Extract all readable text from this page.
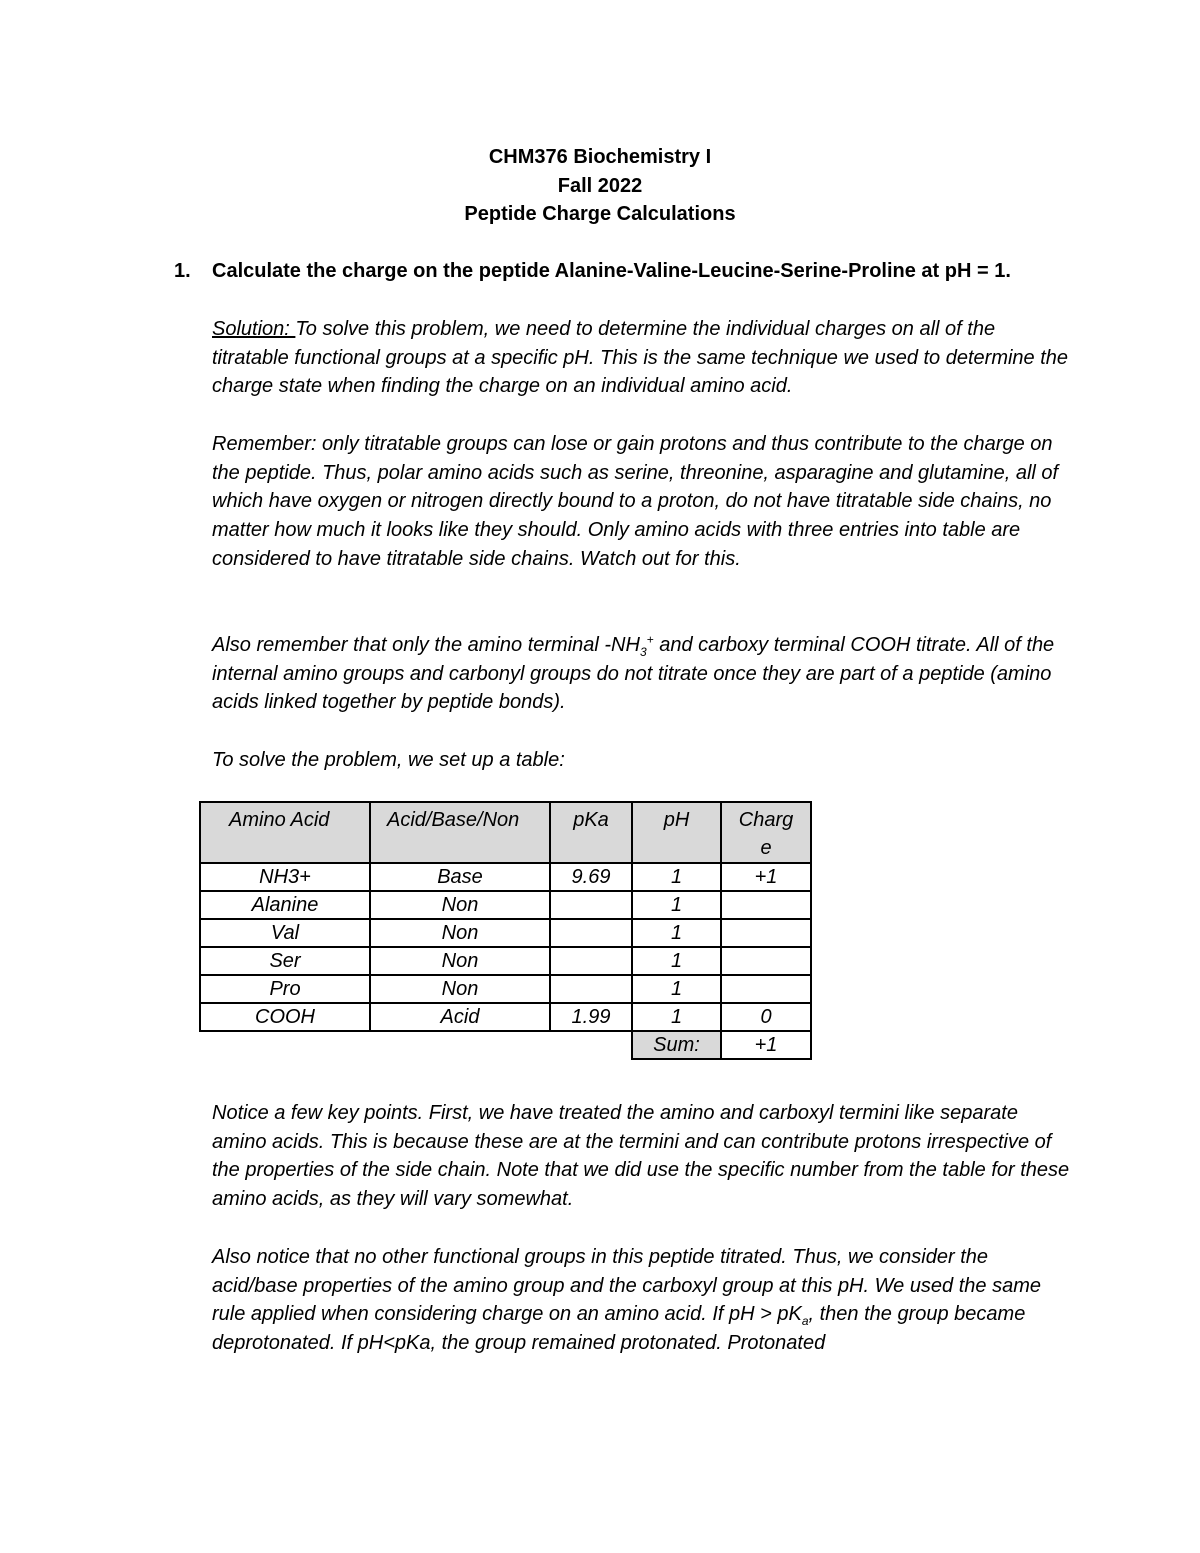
CHM376 Biochemistry I
Fall 2022
Peptide Charge Calculations
1. Calculate the charge on the peptide Alanine-Valine-Leucine-Serine-Proline at pH = 1.

Solution: To solve this problem, we need to determine the individual charges on all of the titratable functional groups at a specific pH. This is the same technique we used to determine the charge state when finding the charge on an individual amino acid.

Remember: only titratable groups can lose or gain protons and thus contribute to the charge on the peptide. Thus, polar amino acids such as serine, threonine, asparagine and glutamine, all of which have oxygen or nitrogen directly bound to a proton, do not have titratable side chains, no matter how much it looks like they should. Only amino acids with three entries into table are considered to have titratable side chains. Watch out for this.

Also remember that only the amino terminal $-NH_3^+$ and carboxy terminal COOH titrate. All of the internal amino groups and carbonyl groups do not titrate once they are part of a peptide (amino acids linked together by peptide bonds).

To solve the problem, we set up a table:

Amino Acid	Acid/Base/Non	pKa	pH	Charg e
NH3+	Base	9.69	1	+1
Alanine	Non		1	
Val	Non		1	
Ser	Non		1	
Pro	Non		1	
COOH	Acid	1.99	1	0
			Sum:	+1

Notice a few key points. First, we have treated the amino and carboxyl termini like separate amino acids. This is because these are at the termini and can contribute protons irrespective of the properties of the side chain. Note that we did use the specific number from the table for these amino acids, as they will vary somewhat.

Also notice that no other functional groups in this peptide titrated. Thus, we consider the acid/base properties of the amino group and the carboxyl group at this pH. We used the same rule applied when considering charge on an amino acid. If pH > $pK_a$, then the group became deprotonated. If pH<pKa, the group remained protonated. Protonated
